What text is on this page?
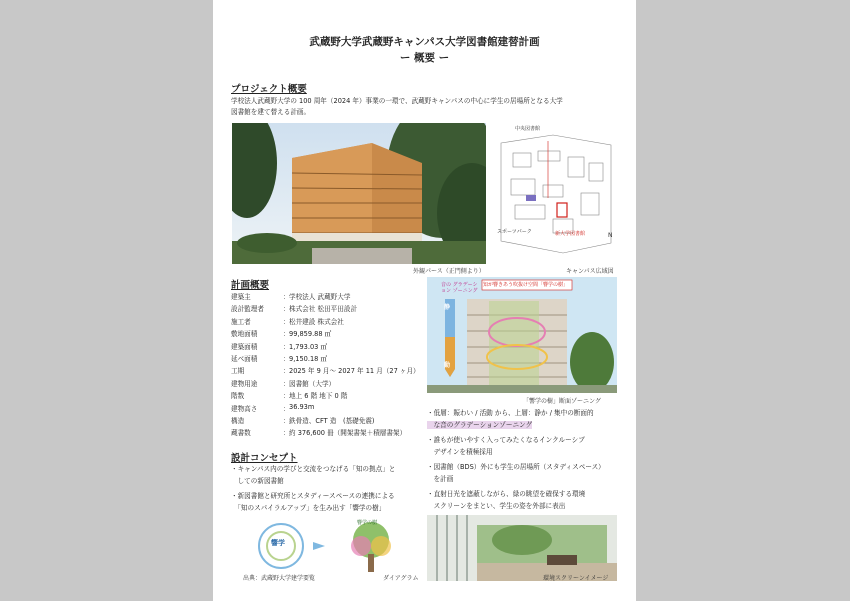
武蔵野大学武蔵野キャンパス大学図書館建替計画
ー 概要 ー
プロジェクト概要
学校法人武蔵野大学の 100 周年（2024 年）事業の一環で、武蔵野キャンパスの中心に学生の居場所となる大学
図書館を建て替える計画。
外観パース（正門側より）
中央図書館
スポーツパーク	新大学図書館	N
キャンパス広域図
計画概要
建築主	： 学校法人 武蔵野大学
設計監理者	： 株式会社 松田平田設計
施工者	： 松井建設 株式会社
敷地面積	： 99,859.88 ㎡
建築面積	： 1,793.03 ㎡
延べ面積	： 9,150.18 ㎡
工期	： 2025 年 9 月〜 2027 年 11 月（27 ヶ月）
建物用途	： 図書館（大学）
階数	： 地上 6 階 地下 0 階
建物高さ	： 36.93m
構造	： 鉄骨造、CFT 造　(基礎免震)
蔵書数	： 約 376,600 冊（開架書架＋積層書架）
知が響きあう吹抜け空間「響学の樹」
音の グラデーション ゾーニング
静
動
「響学の樹」断面ゾーニング
・低層：賑わい / 活動 から、上層：静か / 集中の断面的
　な音のグラデーションゾーニング
・誰もが使いやすく入ってみたくなるインクルーシブ
　デザインを積極採用
・図書館（BDS）外にも学生の居場所（スタディスペース）
　を計画
・直射日光を遮蔽しながら、緑の眺望を確保する環境
　スクリーンをまとい、学生の姿を外部に表出
環境スクリーンイメージ
設計コンセプト
・キャンパス内の学びと交流をつなげる「知の拠点」と
　しての新図書館
・新図書館と研究所とスタディースペースの連携による
　「知のスパイラルアップ」を生み出す「響学の樹」
響学
響学の樹
出典：武蔵野大学建学要覧	ダイアグラム
